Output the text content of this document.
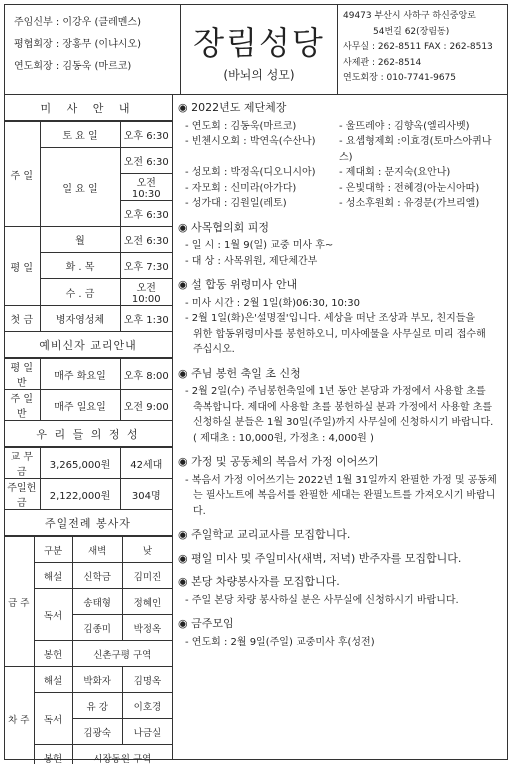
주임신부 : 이강우 (클레멘스)
평협회장 : 장홍무 (이냐시오)
연도회장 : 김동욱 (마르코)
장림성당
(바뇌의 성모)
49473 부산시 사하구 하신중앙로
54번길 62(장림동)
사무실 : 262-8511 FAX : 262-8513
사제관 : 262-8514
연도회장 : 010-7741-9675
미 사 안 내
주 일	토 요 일	오후 6:30
	일 요 일	오전 6:30
		오전 10:30
		오후 6:30
평 일	월	오전 6:30
	화 . 목	오후 7:30
	수 . 금	오전 10:00
첫 금	병자영성체	오후 1:30
예비신자 교리안내
평 일 반	매주 화요일	오후 8:00
주 일 반	매주 일요일	오전 9:00
우 리 들 의 정 성
교 무 금	3,265,000원	42세대
주일헌금	2,122,000원	304명
주일전례 봉사자
금 주	구분	새벽	낮
	해설	신학금	김미진
	독서	송태형	정혜인
		김종미	박정옥
	봉헌	신촌구평 구역	
차 주	해설	박화자	김명옥
	독서	유 강	이호경
		김광숙	나금실
	봉헌	시장동원 구역	
◉ 2022년도 제단체장
- 연도회 : 김동욱(마르코)	- 울뜨레야 : 김향옥(엘리사벳)
- 빈첸시오회 : 박연옥(수산나)	- 요셉형제회 :이효경(토마스아퀴나스)
- 성모회 : 박정옥(디오니시아)	- 제대회 : 문지숙(요안나)
- 자모회 : 신미라(아가다)	- 은빛대학 : 전혜경(아눈시아따)
- 성가대 : 김원일(레토)	- 성소후원회 : 유경문(가브리엘)
◉ 사목협의회 피정
- 일 시 : 1월 9(일) 교중 미사 후~
- 대 상 : 사목위원, 제단체간부
◉ 설 합동 위령미사 안내
- 미사 시간 : 2월 1일(화)06:30, 10:30
- 2월 1일(화)은'설명절'입니다. 세상을 떠난 조상과 부모, 친지들을
위한 합동위령미사를 봉헌하오니, 미사예물을 사무실로 미리 접수해
주십시오.
◉ 주님 봉헌 축일 초 신청
- 2월 2일(수) 주님봉헌축일에 1년 동안 본당과 가정에서 사용할 초를
축복합니다. 제대에 사용할 초를 봉헌하실 분과 가정에서 사용할 초를
신청하실 분들은 1월 30일(주일)까지 사무실에 신청하시기 바랍니다.
( 제대초 : 10,000원, 가정초 : 4,000원 )
◉ 가정 및 공동체의 복음서 가정 이어쓰기
- 복음서 가정 이어쓰기는 2022년 1월 31일까지 완필한 가정 및 공동체
는 필사노트에 복음서를 완필한 세대는 완필노트를 가져오시기 바랍니다.
◉ 주일학교 교리교사를 모집합니다.
◉ 평일 미사 및 주일미사(새벽, 저녁) 반주자를 모집합니다.
◉ 본당 차량봉사자를 모집합니다.
- 주일 본당 차량 봉사하실 분은 사무실에 신청하시기 바랍니다.
◉ 금주모임
- 연도회 : 2월 9일(주일) 교중미사 후(성전)
